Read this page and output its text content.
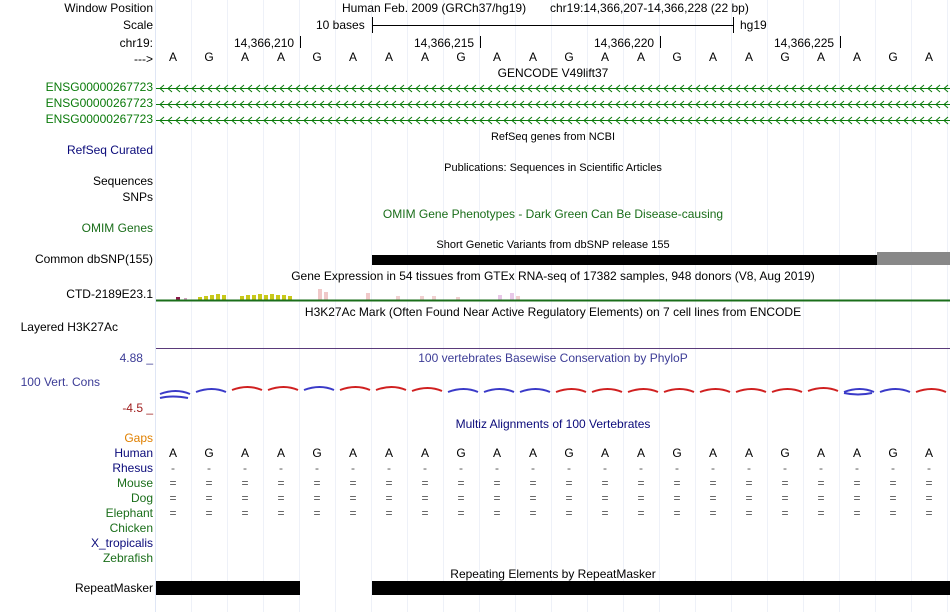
Window Position
Scale
chr19:
--->
ENSG00000267723
ENSG00000267723
ENSG00000267723
RefSeq Curated
Sequences
SNPs
OMIM Genes
Common dbSNP(155)
CTD-2189E23.1
Layered H3K27Ac
4.88 _
100 Vert. Cons
-4.5 _
Gaps
Human
Rhesus
Mouse
Dog
Elephant
Chicken
X_tropicalis
Zebrafish
RepeatMasker
Human Feb. 2009 (GRCh37/hg19) chr19:14,366,207-14,366,228 (22 bp)
10 bases	hg19
14,366,210	14,366,215	14,366,220	14,366,225
A	G	A	A	G	A	A	A	G	A	A	G	A	A	G	A	A	G	A	A	G	A
GENCODE V49lift37
RefSeq genes from NCBI
Publications: Sequences in Scientific Articles
OMIM Gene Phenotypes - Dark Green Can Be Disease-causing
Short Genetic Variants from dbSNP release 155
Gene Expression in 54 tissues from GTEx RNA-seq of 17382 samples, 948 donors (V8, Aug 2019)
H3K27Ac Mark (Often Found Near Active Regulatory Elements) on 7 cell lines from ENCODE
100 vertebrates Basewise Conservation by PhyloP
Multiz Alignments of 100 Vertebrates
A	G	A	A	G	A	A	A	G	A	A	G	A	A	G	A	A	G	A	A	G	A
-	-	-	-	-	-	-	-	-	-	-	-	-	-	-	-	-	-	-	-	-	-
=	=	=	=	=	=	=	=	=	=	=	=	=	=	=	=	=	=	=	=	=	=
=	=	=	=	=	=	=	=	=	=	=	=	=	=	=	=	=	=	=	=	=	=
=	=	=	=	=	=	=	=	=	=	=	=	=	=	=	=	=	=	=	=	=	=
Repeating Elements by RepeatMasker
